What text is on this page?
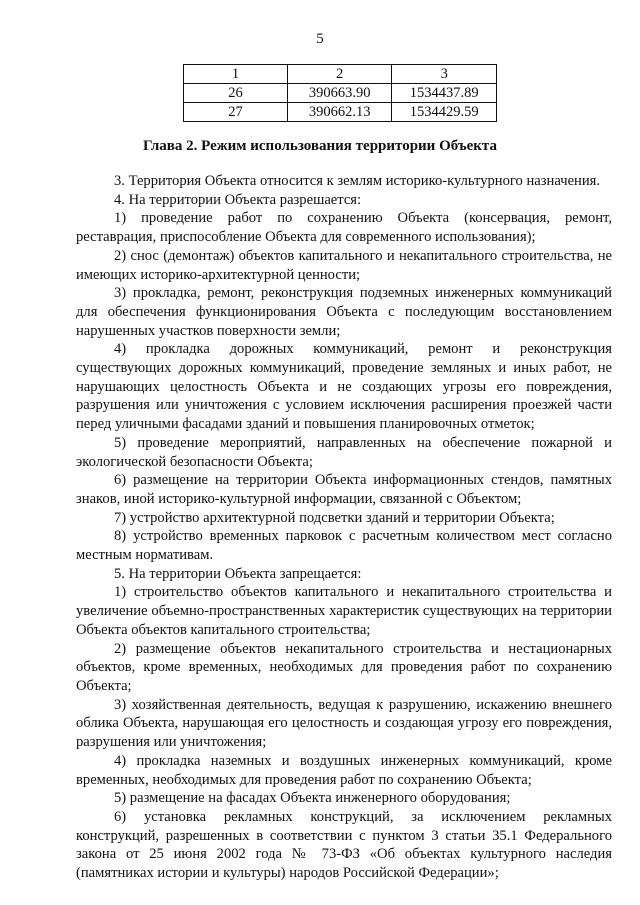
5
1	2	3
26	390663.90	1534437.89
27	390662.13	1534429.59
Глава 2. Режим использования территории Объекта

3. Территория Объекта относится к землям историко-культурного назначения.

4. На территории Объекта разрешается:

1) проведение работ по сохранению Объекта (консервация, ремонт, реставрация, приспособление Объекта для современного использования);

2) снос (демонтаж) объектов капитального и некапитального строительства, не имеющих историко-архитектурной ценности;

3) прокладка, ремонт, реконструкция подземных инженерных коммуникаций для обеспечения функционирования Объекта с последующим восстановлением нарушенных участков поверхности земли;

4) прокладка дорожных коммуникаций, ремонт и реконструкция существующих дорожных коммуникаций, проведение земляных и иных работ, не нарушающих целостность Объекта и не создающих угрозы его повреждения, разрушения или уничтожения с условием исключения расширения проезжей части перед уличными фасадами зданий и повышения планировочных отметок;

5) проведение мероприятий, направленных на обеспечение пожарной и экологической безопасности Объекта;

6) размещение на территории Объекта информационных стендов, памятных знаков, иной историко-культурной информации, связанной с Объектом;

7) устройство архитектурной подсветки зданий и территории Объекта;

8) устройство временных парковок с расчетным количеством мест согласно местным нормативам.

5. На территории Объекта запрещается:

1) строительство объектов капитального и некапитального строительства и увеличение объемно-пространственных характеристик существующих на территории Объекта объектов капитального строительства;

2) размещение объектов некапитального строительства и нестационарных объектов, кроме временных, необходимых для проведения работ по сохранению Объекта;

3) хозяйственная деятельность, ведущая к разрушению, искажению внешнего облика Объекта, нарушающая его целостность и создающая угрозу его повреждения, разрушения или уничтожения;

4) прокладка наземных и воздушных инженерных коммуникаций, кроме временных, необходимых для проведения работ по сохранению Объекта;

5) размещение на фасадах Объекта инженерного оборудования;

6) установка рекламных конструкций, за исключением рекламных конструкций, разрешенных в соответствии с пунктом 3 статьи 35.1 Федерального закона от 25 июня 2002 года № 73-ФЗ «Об объектах культурного наследия (памятниках истории и культуры) народов Российской Федерации»;
